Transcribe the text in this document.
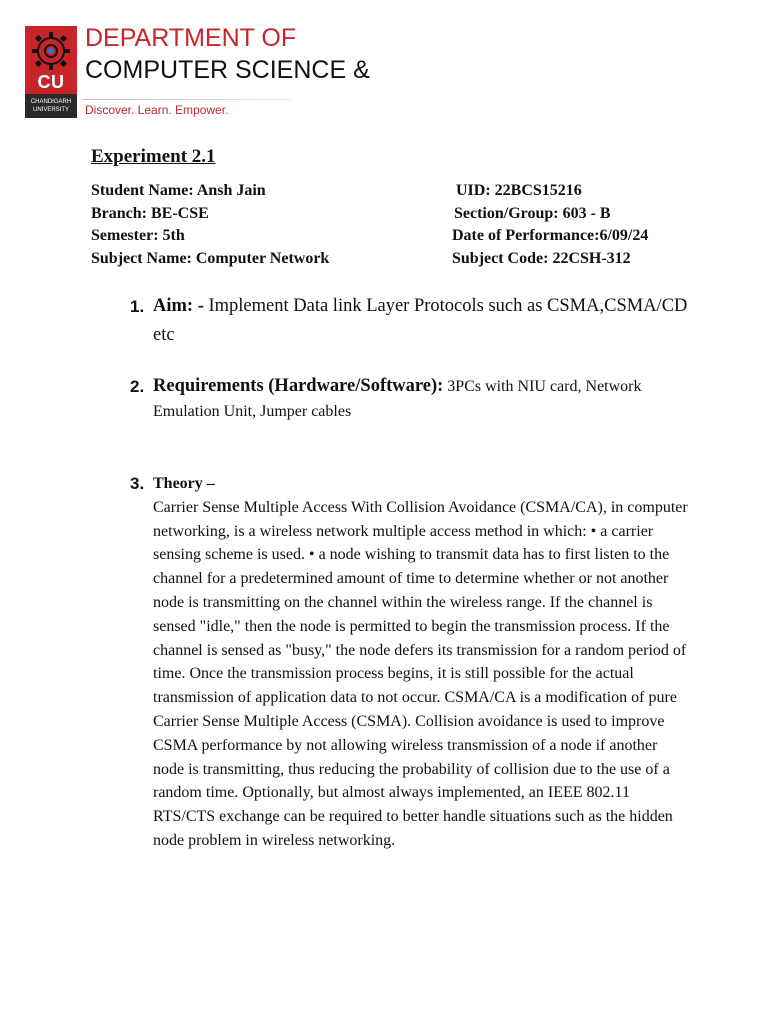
CU
CHANDIGARH
UNIVERSITY
DEPARTMENT OF
COMPUTER SCIENCE &
Discover. Learn. Empower.
Experiment 2.1
Student Name: Ansh Jain	UID: 22BCS15216
Branch: BE-CSE	Section/Group: 603 - B
Semester: 5th	Date of Performance:6/09/24
Subject Name: Computer Network	Subject Code: 22CSH-312
1. Aim: - Implement Data link Layer Protocols such as CSMA,CSMA/CD etc
2. Requirements (Hardware/Software): 3PCs with NIU card, Network Emulation Unit, Jumper cables
3. Theory –
Carrier Sense Multiple Access With Collision Avoidance (CSMA/CA), in computer networking, is a wireless network multiple access method in which: • a carrier sensing scheme is used. • a node wishing to transmit data has to first listen to the channel for a predetermined amount of time to determine whether or not another node is transmitting on the channel within the wireless range. If the channel is sensed "idle," then the node is permitted to begin the transmission process. If the channel is sensed as "busy," the node defers its transmission for a random period of time. Once the transmission process begins, it is still possible for the actual transmission of application data to not occur. CSMA/CA is a modification of pure Carrier Sense Multiple Access (CSMA). Collision avoidance is used to improve CSMA performance by not allowing wireless transmission of a node if another node is transmitting, thus reducing the probability of collision due to the use of a random time. Optionally, but almost always implemented, an IEEE 802.11 RTS/CTS exchange can be required to better handle situations such as the hidden node problem in wireless networking.
